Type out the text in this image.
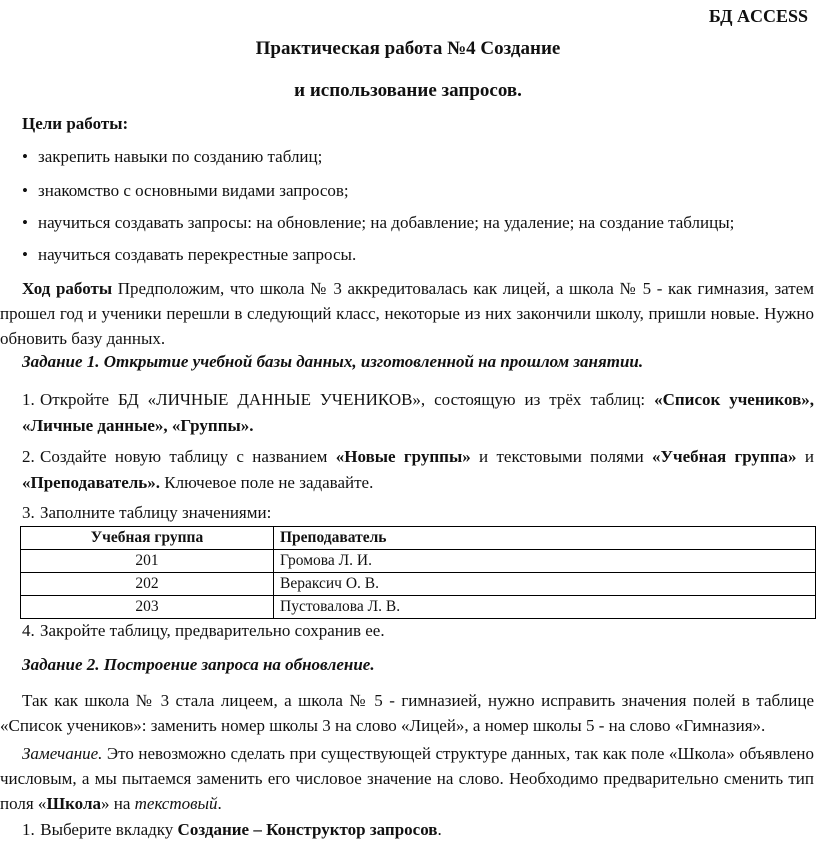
БД ACCESS
Практическая работа №4 Создание
и использование запросов.
Цели работы:
• закрепить навыки по созданию таблиц;
• знакомство с основными видами запросов;
• научиться создавать запросы: на обновление; на добавление; на удаление; на создание таблицы;
• научиться создавать перекрестные запросы.
Ход работы Предположим, что школа № 3 аккредитовалась как лицей, а школа № 5 - как гимназия, затем прошел год и ученики перешли в следующий класс, некоторые из них закончили школу, пришли новые. Нужно обновить базу данных.
Задание 1. Открытие учебной базы данных, изготовленной на прошлом занятии.
1. Откройте БД «ЛИЧНЫЕ ДАННЫЕ УЧЕНИКОВ», состоящую из трёх таблиц: «Список учеников», «Личные данные», «Группы».
2. Создайте новую таблицу с названием «Новые группы» и текстовыми полями «Учебная группа» и «Преподаватель». Ключевое поле не задавайте.
3. Заполните таблицу значениями:
Учебная группа	Преподаватель
201	Громова Л. И.
202	Вераксич О. В.
203	Пустовалова Л. В.
4. Закройте таблицу, предварительно сохранив ее.
Задание 2. Построение запроса на обновление.
Так как школа № 3 стала лицеем, а школа № 5 - гимназией, нужно исправить значения полей в таблице «Список учеников»: заменить номер школы 3 на слово «Лицей», а номер школы 5 - на слово «Гимназия».
Замечание. Это невозможно сделать при существующей структуре данных, так как поле «Школа» объявлено числовым, а мы пытаемся заменить его числовое значение на слово. Необходимо предварительно сменить тип поля «Школа» на текстовый.
1. Выберите вкладку Создание – Конструктор запросов.
